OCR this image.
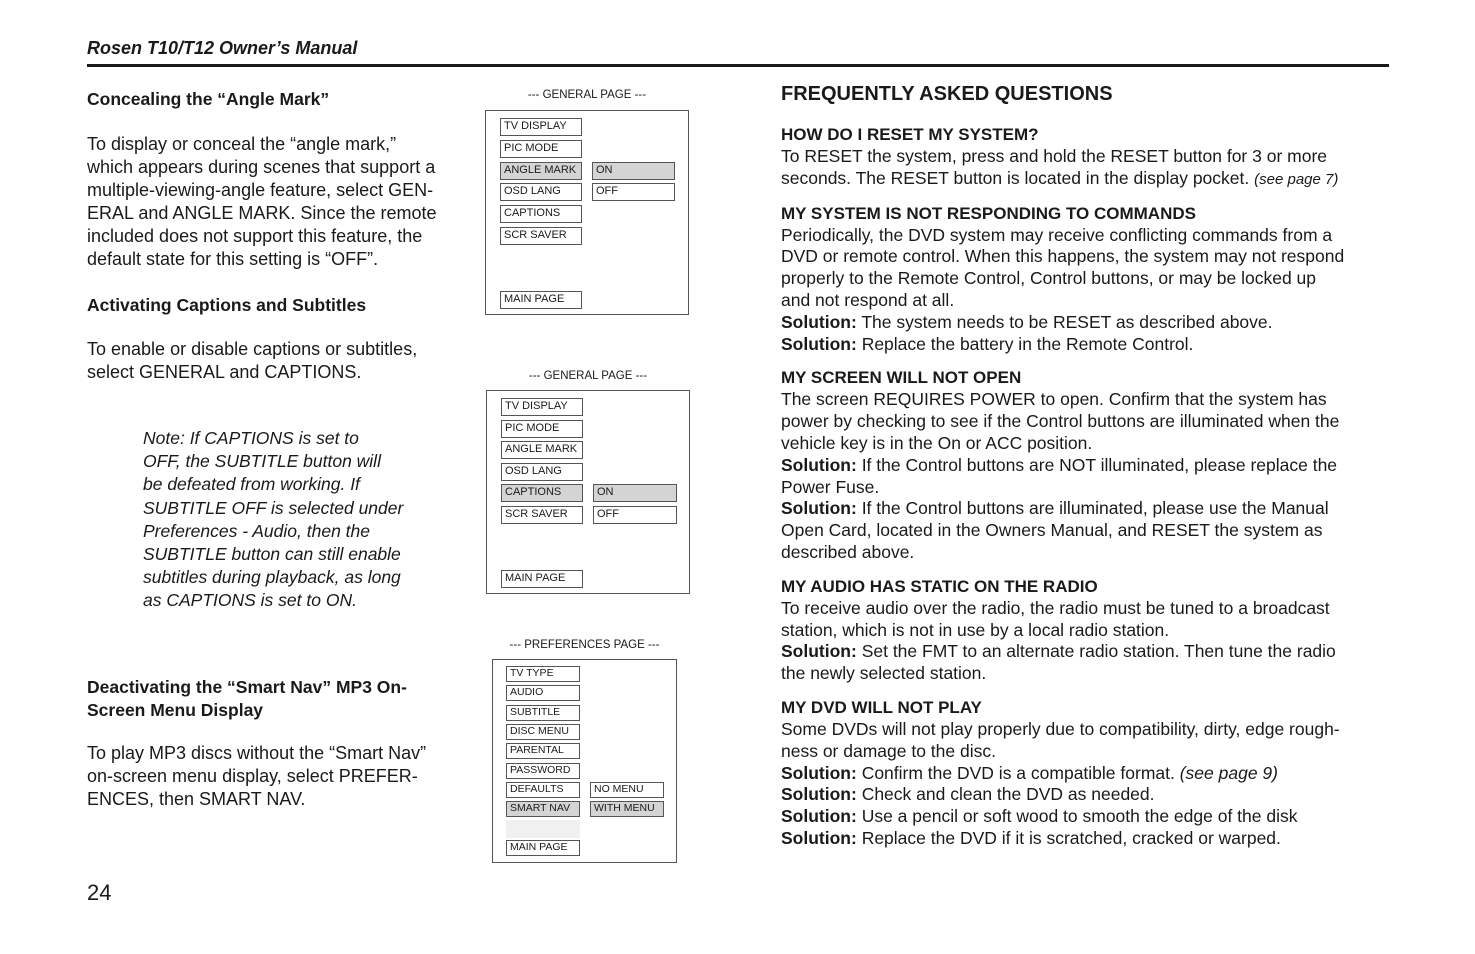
Rosen T10/T12 Owner’s Manual
Concealing the “Angle Mark”
To display or conceal the “angle mark,”
which appears during scenes that support a
multiple-viewing-angle feature, select GEN-
ERAL and ANGLE MARK. Since the remote
included does not support this feature, the
default state for this setting is “OFF”.
Activating Captions and Subtitles
To enable or disable captions or subtitles,
select GENERAL and CAPTIONS.
Note: If CAPTIONS is set to
OFF, the SUBTITLE button will
be defeated from working. If
SUBTITLE OFF is selected under
Preferences - Audio, then the
SUBTITLE button can still enable
subtitles during playback, as long
as CAPTIONS is set to ON.
Deactivating the “Smart Nav” MP3 On-
Screen Menu Display
To play MP3 discs without the “Smart Nav”
on-screen menu display, select PREFER-
ENCES, then SMART NAV.
--- GENERAL PAGE ---
TV DISPLAY
PIC MODE
ANGLE MARK
OSD LANG
CAPTIONS
SCR SAVER
ON
OFF
MAIN PAGE
--- GENERAL PAGE ---
TV DISPLAY
PIC MODE
ANGLE MARK
OSD LANG
CAPTIONS
SCR SAVER
ON
OFF
MAIN PAGE
--- PREFERENCES PAGE ---
TV TYPE
AUDIO
SUBTITLE
DISC MENU
PARENTAL
PASSWORD
DEFAULTS
SMART NAV
NO MENU
WITH MENU
MAIN PAGE
FREQUENTLY ASKED QUESTIONS
HOW DO I RESET MY SYSTEM?
To RESET the system, press and hold the RESET button for 3 or more
seconds. The RESET button is located in the display pocket. (see page 7)
MY SYSTEM IS NOT RESPONDING TO COMMANDS
Periodically, the DVD system may receive conflicting commands from a
DVD or remote control. When this happens, the system may not respond
properly to the Remote Control, Control buttons, or may be locked up
and not respond at all.
Solution: The system needs to be RESET as described above.
Solution: Replace the battery in the Remote Control.
MY SCREEN WILL NOT OPEN
The screen REQUIRES POWER to open. Confirm that the system has
power by checking to see if the Control buttons are illuminated when the
vehicle key is in the On or ACC position.
Solution: If the Control buttons are NOT illuminated, please replace the
Power Fuse.
Solution: If the Control buttons are illuminated, please use the Manual
Open Card, located in the Owners Manual, and RESET the system as
described above.
MY AUDIO HAS STATIC ON THE RADIO
To receive audio over the radio, the radio must be tuned to a broadcast
station, which is not in use by a local radio station.
Solution: Set the FMT to an alternate radio station. Then tune the radio
the newly selected station.
MY DVD WILL NOT PLAY
Some DVDs will not play properly due to compatibility, dirty, edge rough-
ness or damage to the disc.
Solution: Confirm the DVD is a compatible format. (see page 9)
Solution: Check and clean the DVD as needed.
Solution: Use a pencil or soft wood to smooth the edge of the disk
Solution: Replace the DVD if it is scratched, cracked or warped.
24
